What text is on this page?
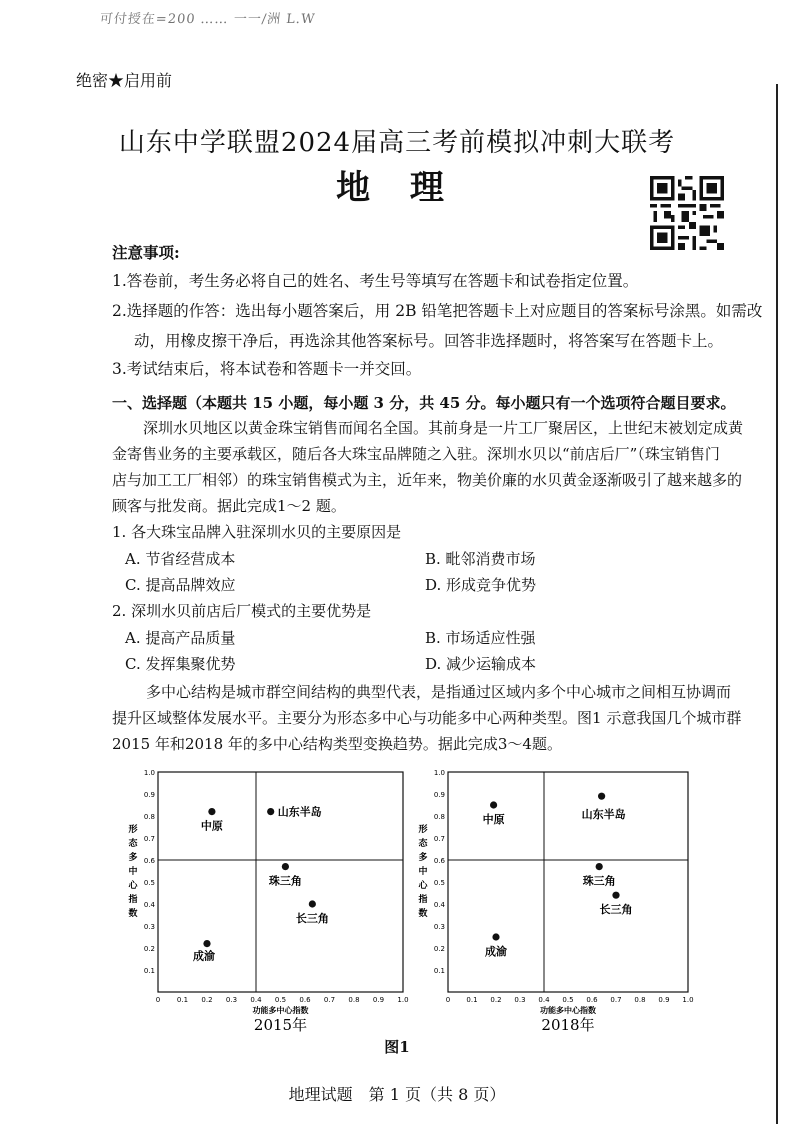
可付授在=200 …… 一一/洲 L.W
绝密★启用前
山东中学联盟2024届高三考前模拟冲刺大联考
地 理
注意事项:
1.答卷前，考生务必将自己的姓名、考生号等填写在答题卡和试卷指定位置。
2.选择题的作答：选出每小题答案后，用 2B 铅笔把答题卡上对应题目的答案标号涂黑。如需改
动，用橡皮擦干净后，再选涂其他答案标号。回答非选择题时，将答案写在答题卡上。
3.考试结束后，将本试卷和答题卡一并交回。
一、选择题（本题共 15 小题，每小题 3 分，共 45 分。每小题只有一个选项符合题目要求。
深圳水贝地区以黄金珠宝销售而闻名全国。其前身是一片工厂聚居区，上世纪末被划定成黄
金寄售业务的主要承载区，随后各大珠宝品牌随之入驻。深圳水贝以“前店后厂”（珠宝销售门
店与加工工厂相邻）的珠宝销售模式为主，近年来，物美价廉的水贝黄金逐渐吸引了越来越多的
顾客与批发商。据此完成1～2 题。
1. 各大珠宝品牌入驻深圳水贝的主要原因是
A. 节省经营成本	B. 毗邻消费市场
C. 提高品牌效应	D. 形成竞争优势
2. 深圳水贝前店后厂模式的主要优势是
A. 提高产品质量	B. 市场适应性强
C. 发挥集聚优势	D. 减少运输成本
多中心结构是城市群空间结构的典型代表，是指通过区域内多个中心城市之间相互协调而
提升区域整体发展水平。主要分为形态多中心与功能多中心两种类型。图1 示意我国几个城市群
2015 年和2018 年的多中心结构类型变换趋势。据此完成3～4题。
0 0.1 0.2 0.3 0.4 0.5 0.6 0.7 0.8 0.9 1.0
0.1
0.2
0.3
0.4
0.5
0.6
0.7
0.8
0.9
1.0
功能多中心指数
形
态
多
中
心
指
数
2015年
中原
山东半岛
珠三角
长三角
成渝
0 0.1 0.2 0.3 0.4 0.5 0.6 0.7 0.8 0.9 1.0
0.1
0.2
0.3
0.4
0.5
0.6
0.7
0.8
0.9
1.0
功能多中心指数
形
态
多
中
心
指
数
2018年
中原	山东半岛
珠三角
长三角
成渝
图1
地理试题　第 1 页（共 8 页）
